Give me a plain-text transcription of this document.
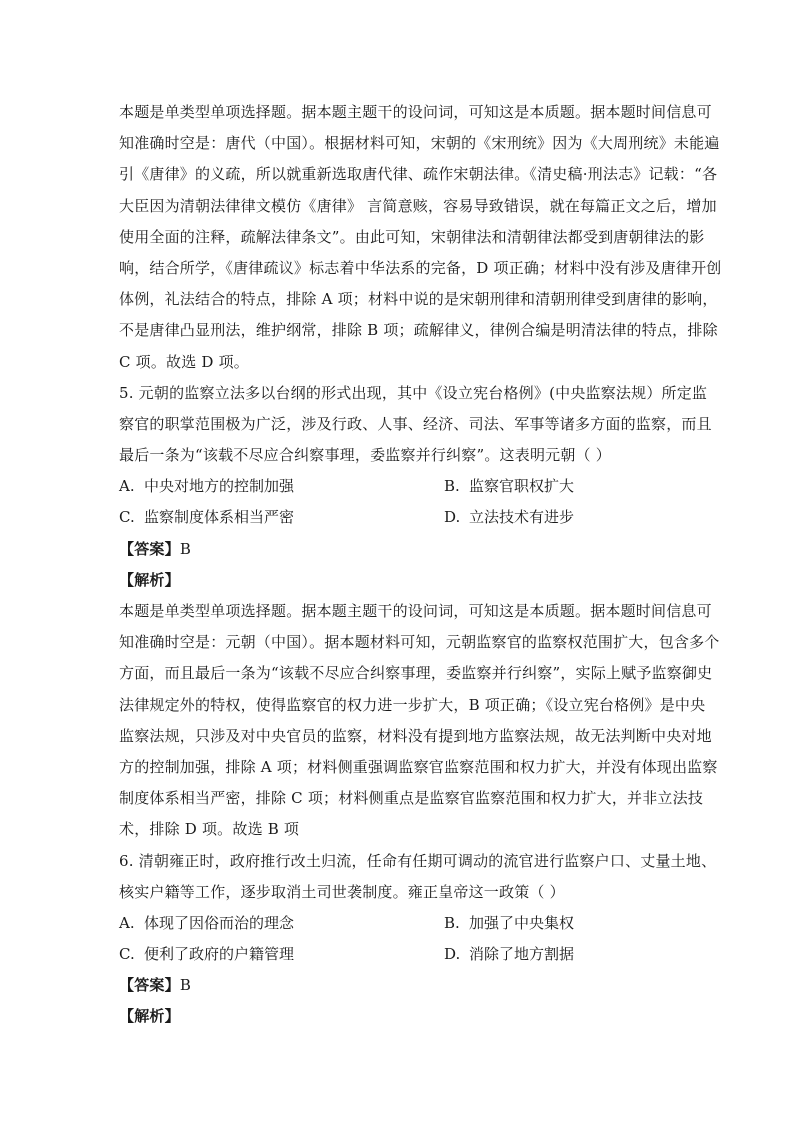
本题是单类型单项选择题。据本题主题干的设问词，可知这是本质题。据本题时间信息可
知准确时空是：唐代（中国）。根据材料可知，宋朝的《宋刑统》因为《大周刑统》未能遍
引《唐律》的义疏，所以就重新选取唐代律、疏作宋朝法律。《清史稿·刑法志》记载：“各
大臣因为清朝法律律文模仿《唐律》 言简意赅，容易导致错误，就在每篇正文之后，增加
使用全面的注释，疏解法律条文”。由此可知，宋朝律法和清朝律法都受到唐朝律法的影
响，结合所学，《唐律疏议》标志着中华法系的完备，D 项正确；材料中没有涉及唐律开创
体例，礼法结合的特点，排除 A 项；材料中说的是宋朝刑律和清朝刑律受到唐律的影响，
不是唐律凸显刑法，维护纲常，排除 B 项；疏解律义，律例合编是明清法律的特点，排除
C 项。故选 D 项。
5. 元朝的监察立法多以台纲的形式出现，其中《设立宪台格例》(中央监察法规）所定监
察官的职掌范围极为广泛，涉及行政、人事、经济、司法、军事等诸多方面的监察，而且
最后一条为“该载不尽应合纠察事理，委监察并行纠察”。这表明元朝（ ）
A. 中央对地方的控制加强	B. 监察官职权扩大
C. 监察制度体系相当严密	D. 立法技术有进步
【答案】B
【解析】
本题是单类型单项选择题。据本题主题干的设问词，可知这是本质题。据本题时间信息可
知准确时空是：元朝（中国）。据本题材料可知，元朝监察官的监察权范围扩大，包含多个
方面，而且最后一条为“该载不尽应合纠察事理，委监察并行纠察”，实际上赋予监察御史
法律规定外的特权，使得监察官的权力进一步扩大，B 项正确；《设立宪台格例》是中央
监察法规，只涉及对中央官员的监察，材料没有提到地方监察法规，故无法判断中央对地
方的控制加强，排除 A 项；材料侧重强调监察官监察范围和权力扩大，并没有体现出监察
制度体系相当严密，排除 C 项；材料侧重点是监察官监察范围和权力扩大，并非立法技
术，排除 D 项。故选 B 项
6. 清朝雍正时，政府推行改土归流，任命有任期可调动的流官进行监察户口、丈量土地、
核实户籍等工作，逐步取消土司世袭制度。雍正皇帝这一政策（ ）
A. 体现了因俗而治的理念	B. 加强了中央集权
C. 便利了政府的户籍管理	D. 消除了地方割据
【答案】B
【解析】
